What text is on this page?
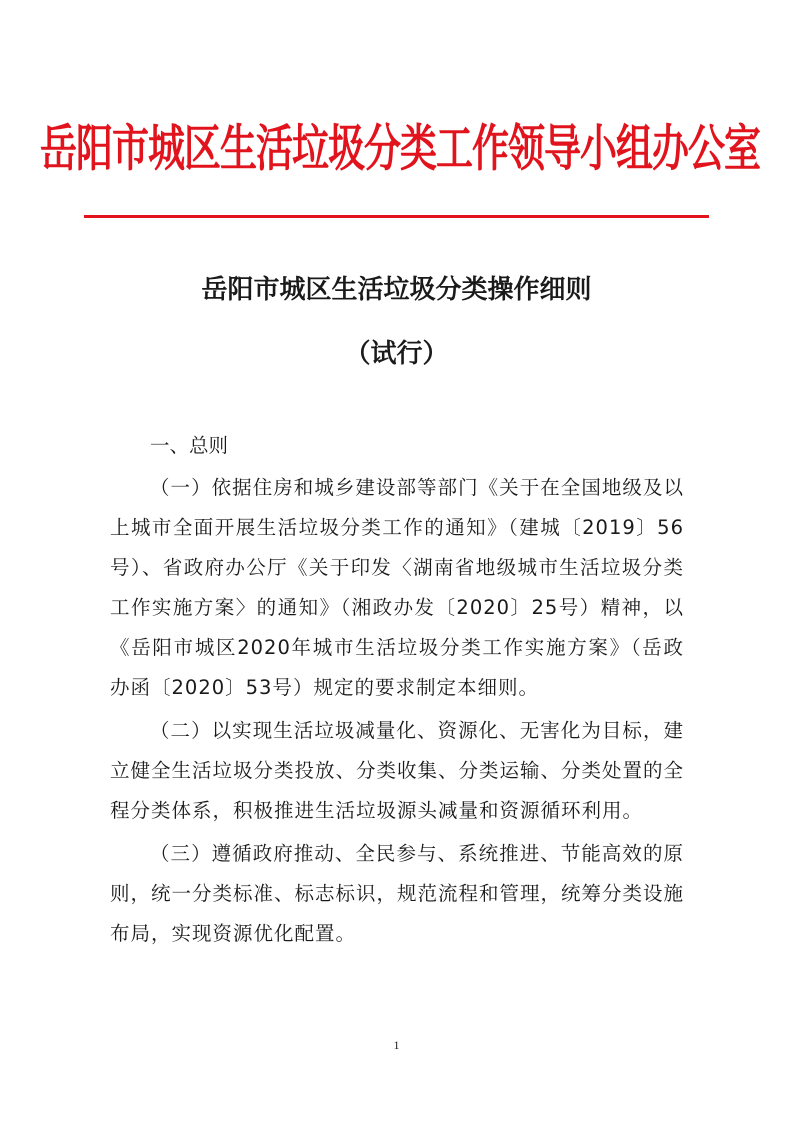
岳阳市城区生活垃圾分类工作领导小组办公室
岳阳市城区生活垃圾分类操作细则
（试行）
一、总则

（一）依据住房和城乡建设部等部门《关于在全国地级及以上城市全面开展生活垃圾分类工作的通知》（建城〔2019〕56号）、省政府办公厅《关于印发〈湖南省地级城市生活垃圾分类工作实施方案〉的通知》（湘政办发〔2020〕25号）精神，以《岳阳市城区2020年城市生活垃圾分类工作实施方案》（岳政办函〔2020〕53号）规定的要求制定本细则。

（二）以实现生活垃圾减量化、资源化、无害化为目标，建立健全生活垃圾分类投放、分类收集、分类运输、分类处置的全程分类体系，积极推进生活垃圾源头减量和资源循环利用。

（三）遵循政府推动、全民参与、系统推进、节能高效的原则，统一分类标准、标志标识，规范流程和管理，统筹分类设施布局，实现资源优化配置。

1
